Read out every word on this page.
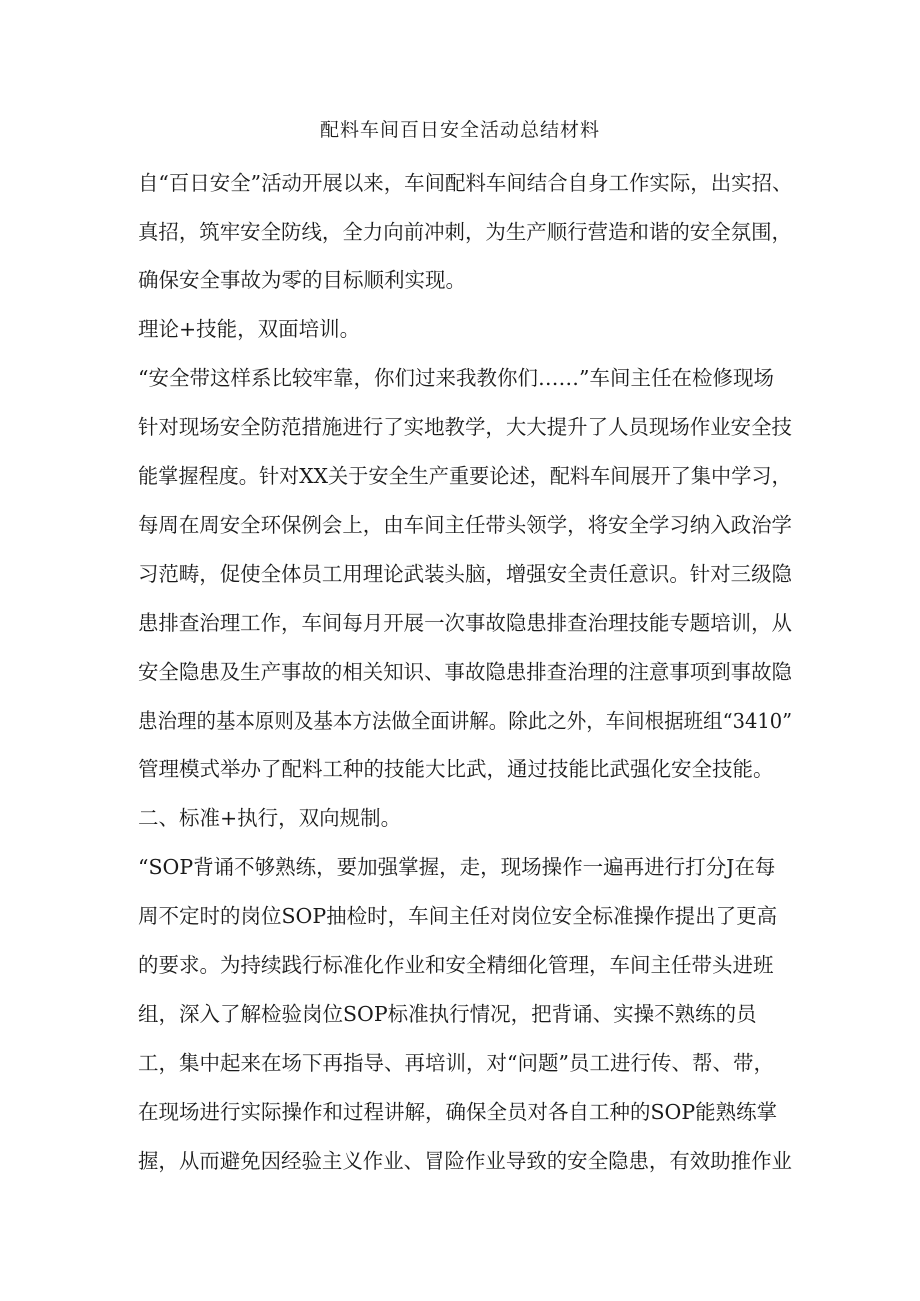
配料车间百日安全活动总结材料
自“百日安全”活动开展以来，车间配料车间结合自身工作实际，出实招、
真招，筑牢安全防线，全力向前冲刺，为生产顺行营造和谐的安全氛围，
确保安全事故为零的目标顺利实现。
理论+技能，双面培训。
“安全带这样系比较牢靠，你们过来我教你们……”车间主任在检修现场
针对现场安全防范措施进行了实地教学，大大提升了人员现场作业安全技
能掌握程度。针对XX关于安全生产重要论述，配料车间展开了集中学习，
每周在周安全环保例会上，由车间主任带头领学，将安全学习纳入政治学
习范畴，促使全体员工用理论武装头脑，增强安全责任意识。针对三级隐
患排查治理工作，车间每月开展一次事故隐患排查治理技能专题培训，从
安全隐患及生产事故的相关知识、事故隐患排查治理的注意事项到事故隐
患治理的基本原则及基本方法做全面讲解。除此之外，车间根据班组“3410”
管理模式举办了配料工种的技能大比武，通过技能比武强化安全技能。
二、标准+执行，双向规制。
“SOP背诵不够熟练，要加强掌握，走，现场操作一遍再进行打分J在每
周不定时的岗位SOP抽检时，车间主任对岗位安全标准操作提出了更高
的要求。为持续践行标准化作业和安全精细化管理，车间主任带头进班
组，深入了解检验岗位SOP标准执行情况，把背诵、实操不熟练的员
工，集中起来在场下再指导、再培训，对“问题”员工进行传、帮、带，
在现场进行实际操作和过程讲解，确保全员对各自工种的SOP能熟练掌
握，从而避免因经验主义作业、冒险作业导致的安全隐患，有效助推作业
